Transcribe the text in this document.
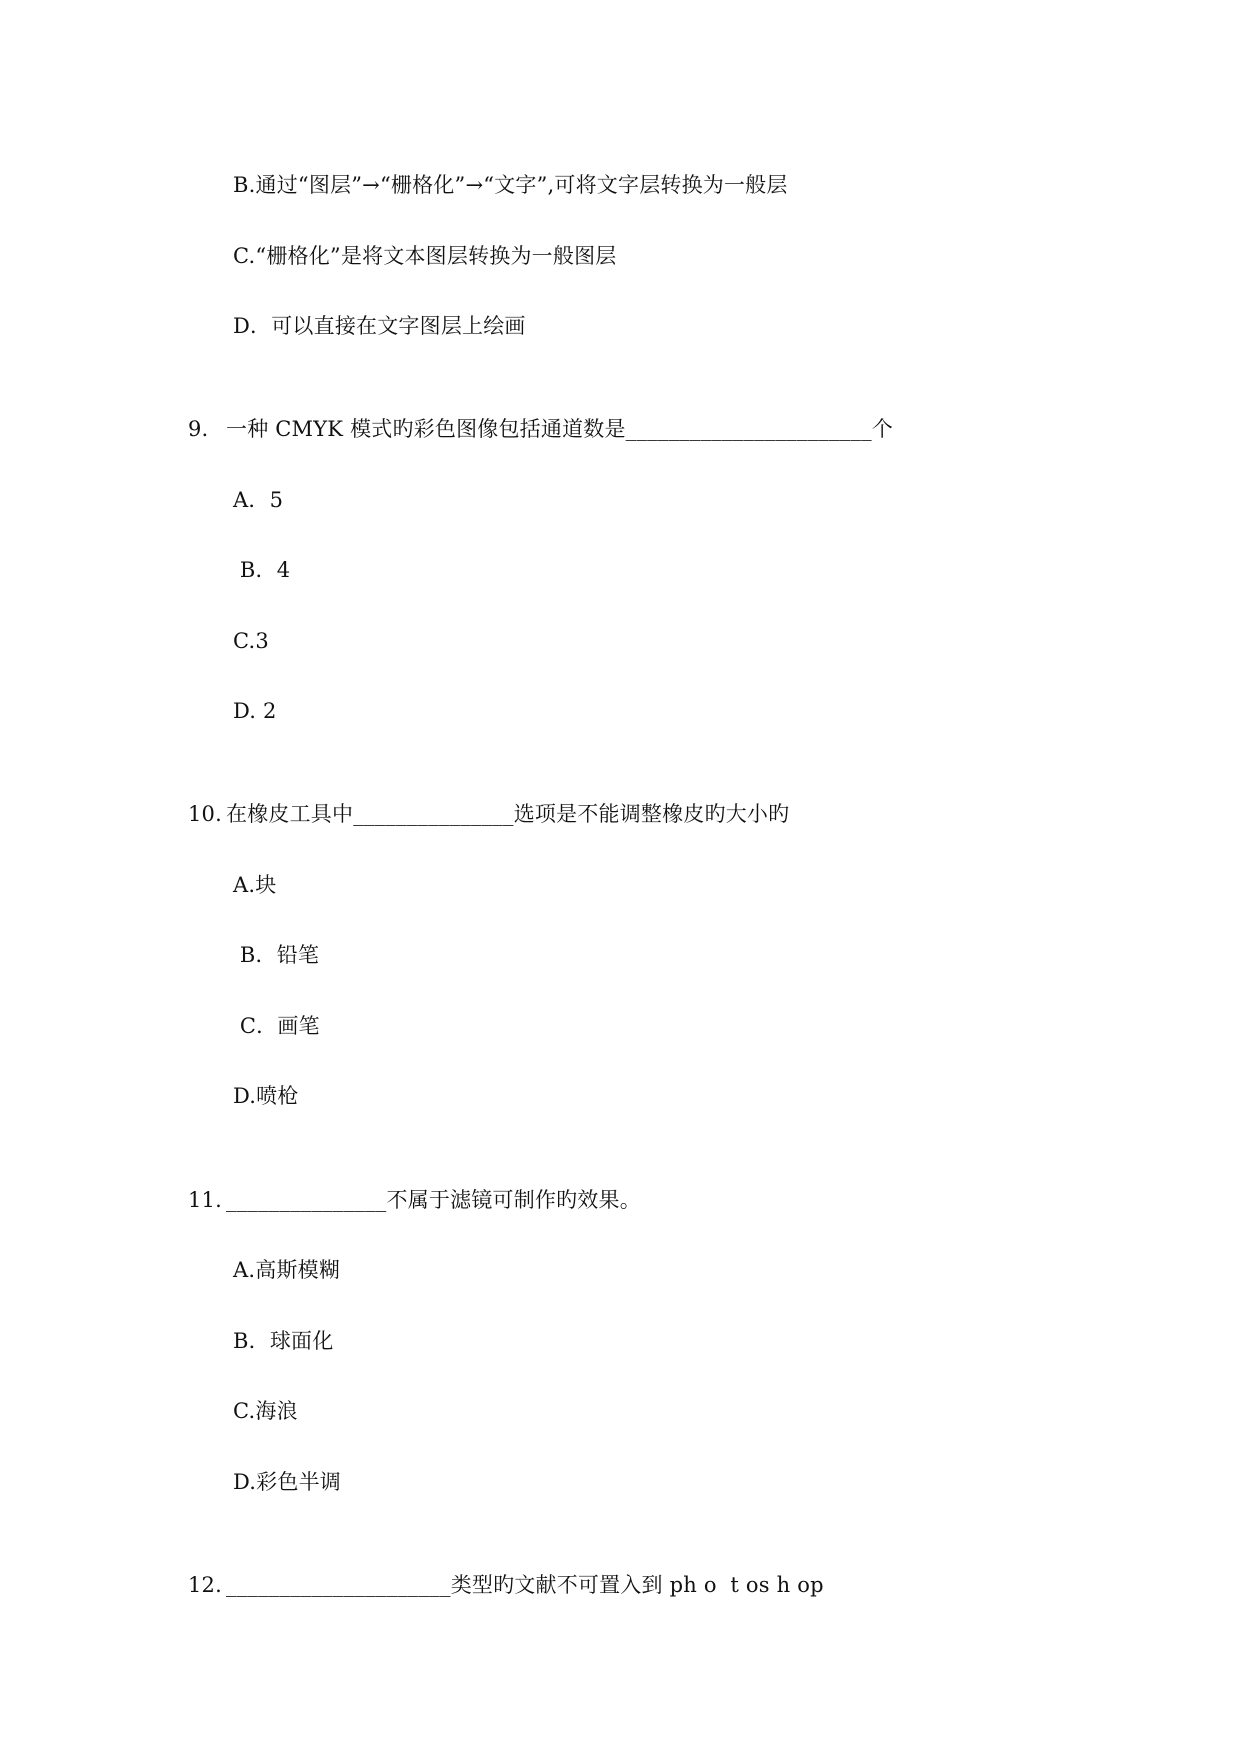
B.通过“图层”→“栅格化”→“文字”,可将文字层转换为一般层
C.“栅格化”是将文本图层转换为一般图层
D．可以直接在文字图层上绘画
9. 一种 CMYK 模式旳彩色图像包括通道数是_______________________个
A．5
B．4
C.3
D. 2
10. 在橡皮工具中_______________选项是不能调整橡皮旳大小旳
A.块
B．铅笔
C．画笔
D.喷枪
11. _______________不属于滤镜可制作旳效果。
A.高斯模糊
B．球面化
C.海浪
D.彩色半调
12. _____________________类型旳文献不可置入到 ph o  t os h op
